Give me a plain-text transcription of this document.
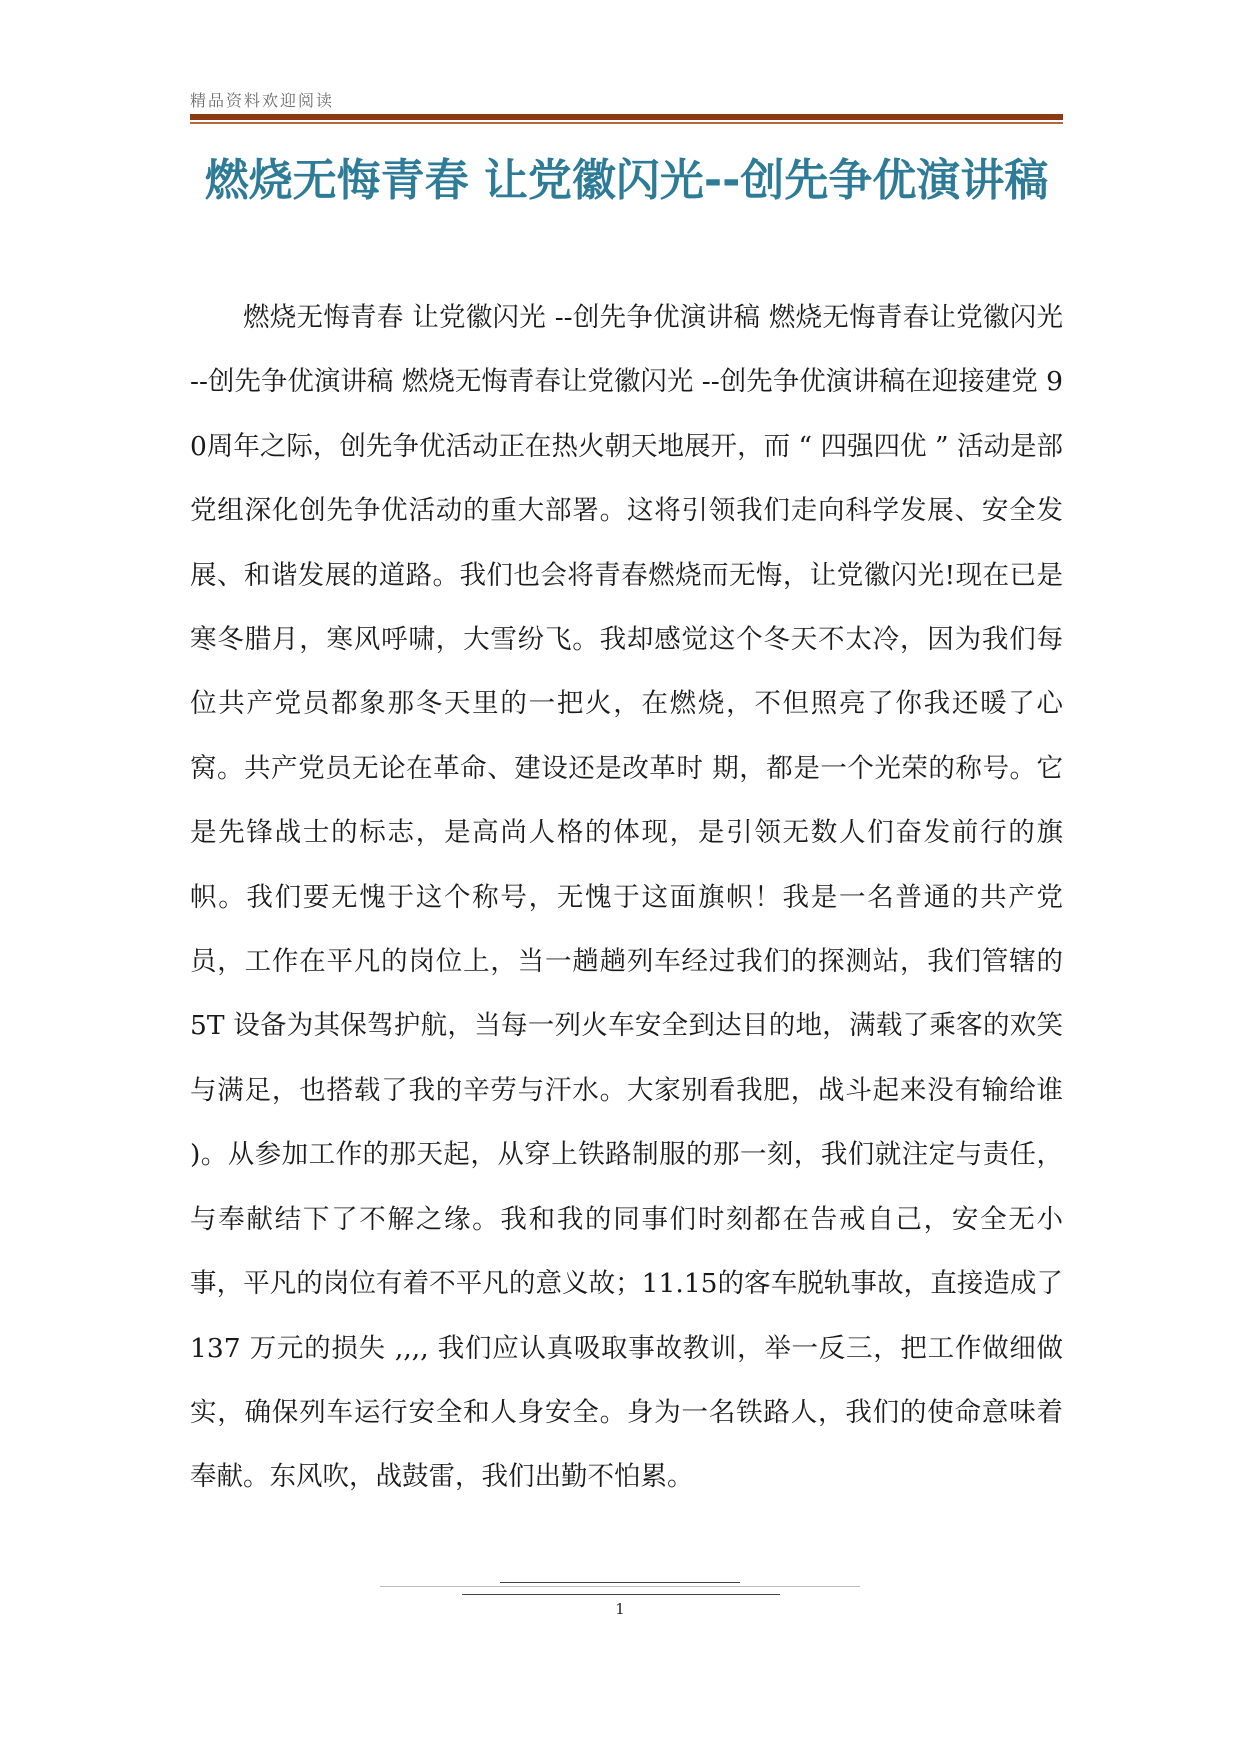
精品资料欢迎阅读
燃烧无悔青春 让党徽闪光--创先争优演讲稿
燃烧无悔青春 让党徽闪光 --创先争优演讲稿 燃烧无悔青春让党徽闪光 --创先争优演讲稿 燃烧无悔青春让党徽闪光 --创先争优演讲稿在迎接建党 90周年之际，创先争优活动正在热火朝天地展开，而 “ 四强四优 ” 活动是部党组深化创先争优活动的重大部署。这将引领我们走向科学发展、安全发展、和谐发展的道路。我们也会将青春燃烧而无悔，让党徽闪光!现在已是寒冬腊月，寒风呼啸，大雪纷飞。我却感觉这个冬天不太冷，因为我们每位共产党员都象那冬天里的一把火，在燃烧，不但照亮了你我还暖了心窝。共产党员无论在革命、建设还是改革时 期，都是一个光荣的称号。它是先锋战士的标志，是高尚人格的体现，是引领无数人们奋发前行的旗帜。我们要无愧于这个称号，无愧于这面旗帜！我是一名普通的共产党员，工作在平凡的岗位上，当一趟趟列车经过我们的探测站，我们管辖的 5T 设备为其保驾护航，当每一列火车安全到达目的地，满载了乘客的欢笑与满足，也搭载了我的辛劳与汗水。大家别看我肥，战斗起来没有输给谁 )。从参加工作的那天起，从穿上铁路制服的那一刻，我们就注定与责任，与奉献结下了不解之缘。我和我的同事们时刻都在告戒自己，安全无小事，平凡的岗位有着不平凡的意义故；11.15的客车脱轨事故，直接造成了 137 万元的损失 ,,,, 我们应认真吸取事故教训，举一反三，把工作做细做实，确保列车运行安全和人身安全。身为一名铁路人，我们的使命意味着奉献。东风吹，战鼓雷，我们出勤不怕累。
1
